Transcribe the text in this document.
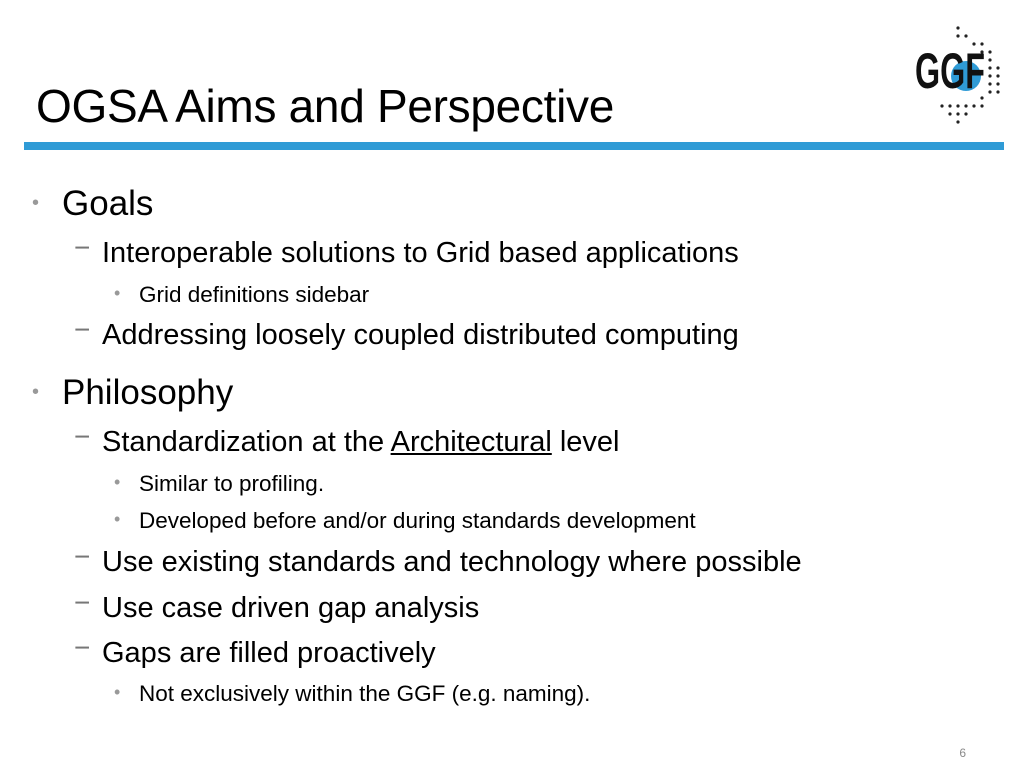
OGSA Aims and Perspective
GGF
• Goals
− Interoperable solutions to Grid based applications
• Grid definitions sidebar
− Addressing loosely coupled distributed computing
• Philosophy
− Standardization at the Architectural level
• Similar to profiling.
• Developed before and/or during standards development
− Use existing standards and technology where possible
− Use case driven gap analysis
− Gaps are filled proactively
• Not exclusively within the GGF (e.g. naming).
6
